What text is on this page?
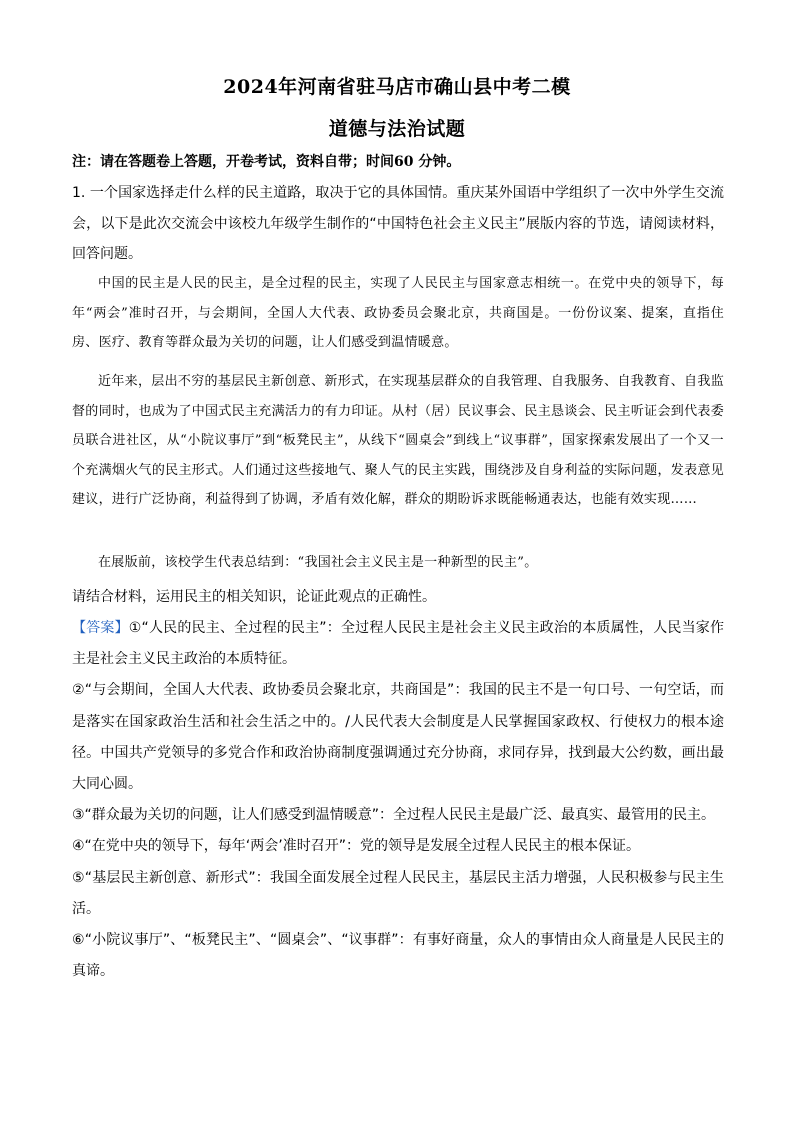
2024年河南省驻马店市确山县中考二模
道德与法治试题
注：请在答题卷上答题，开卷考试，资料自带；时间60 分钟。
1. 一个国家选择走什么样的民主道路，取决于它的具体国情。重庆某外国语中学组织了一次中外学生交流会，以下是此次交流会中该校九年级学生制作的“中国特色社会主义民主”展版内容的节选，请阅读材料，回答问题。

中国的民主是人民的民主，是全过程的民主，实现了人民民主与国家意志相统一。在党中央的领导下，每年“两会”准时召开，与会期间，全国人大代表、政协委员会聚北京，共商国是。一份份议案、提案，直指住房、医疗、教育等群众最为关切的问题，让人们感受到温情暖意。

近年来，层出不穷的基层民主新创意、新形式，在实现基层群众的自我管理、自我服务、自我教育、自我监督的同时，也成为了中国式民主充满活力的有力印证。从村（居）民议事会、民主恳谈会、民主听证会到代表委员联合进社区，从“小院议事厅”到“板凳民主”，从线下“圆桌会”到线上“议事群”，国家探索发展出了一个又一个充满烟火气的民主形式。人们通过这些接地气、聚人气的民主实践，围绕涉及自身利益的实际问题，发表意见建议，进行广泛协商，利益得到了协调，矛盾有效化解，群众的期盼诉求既能畅通表达，也能有效实现……

在展版前，该校学生代表总结到：“我国社会主义民主是一种新型的民主”。

请结合材料，运用民主的相关知识，论证此观点的正确性。

【答案】①“人民的民主、全过程的民主”：全过程人民民主是社会主义民主政治的本质属性，人民当家作主是社会主义民主政治的本质特征。

②“与会期间，全国人大代表、政协委员会聚北京，共商国是”：我国的民主不是一句口号、一句空话，而是落实在国家政治生活和社会生活之中的。/人民代表大会制度是人民掌握国家政权、行使权力的根本途径。中国共产党领导的多党合作和政治协商制度强调通过充分协商，求同存异，找到最大公约数，画出最大同心圆。

③“群众最为关切的问题，让人们感受到温情暖意”：全过程人民民主是最广泛、最真实、最管用的民主。

④“在党中央的领导下，每年‘两会’准时召开”：党的领导是发展全过程人民民主的根本保证。

⑤“基层民主新创意、新形式”：我国全面发展全过程人民民主，基层民主活力增强，人民积极参与民主生活。

⑥“小院议事厅”、“板凳民主”、“圆桌会”、“议事群”：有事好商量，众人的事情由众人商量是人民民主的真谛。
